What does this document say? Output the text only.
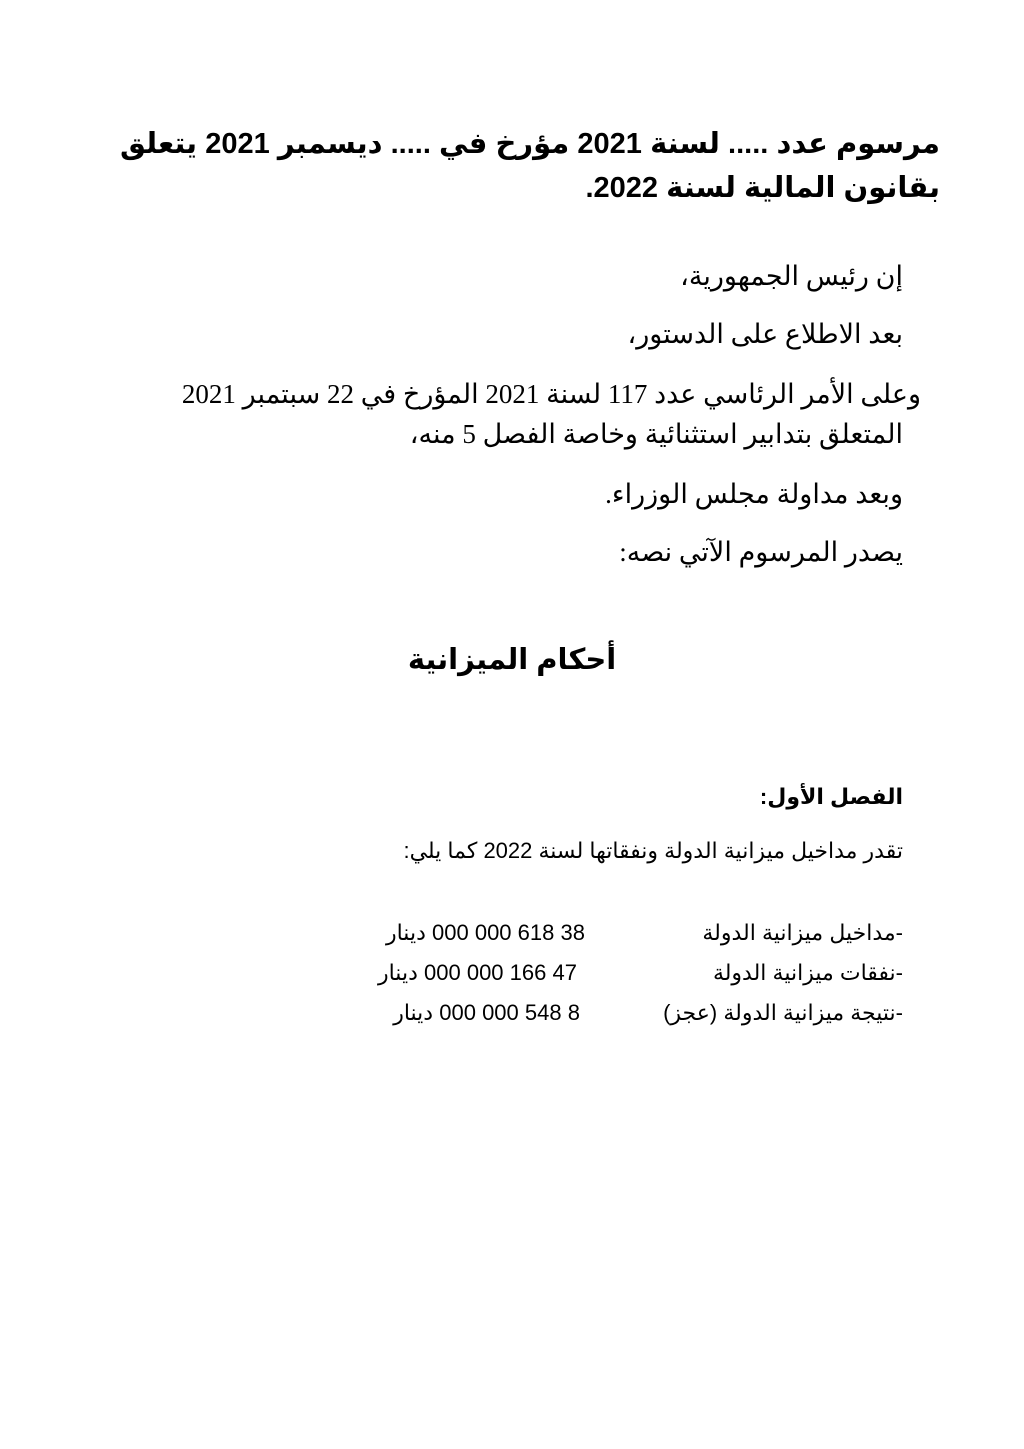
مرسوم عدد ..... لسنة 2021 مؤرخ في ..... ديسمبر 2021 يتعلق بقانون المالية لسنة 2022.

إن رئيس الجمهورية،

بعد الاطلاع على الدستور،

وعلى الأمر الرئاسي عدد 117 لسنة 2021 المؤرخ في 22 سبتمبر 2021

المتعلق بتدابير استثنائية وخاصة الفصل 5 منه،

وبعد مداولة مجلس الوزراء.

يصدر المرسوم الآتي نصه:

أحكام الميزانية
الفصل الأول:

تقدر مداخيل ميزانية الدولة ونفقاتها لسنة 2022 كما يلي:

-مداخيل ميزانية الدولة
38 618 000 000 دينار
-نفقات ميزانية الدولة
47 166 000 000 دينار
-نتيجة ميزانية الدولة (عجز)
8 548 000 000 دينار
